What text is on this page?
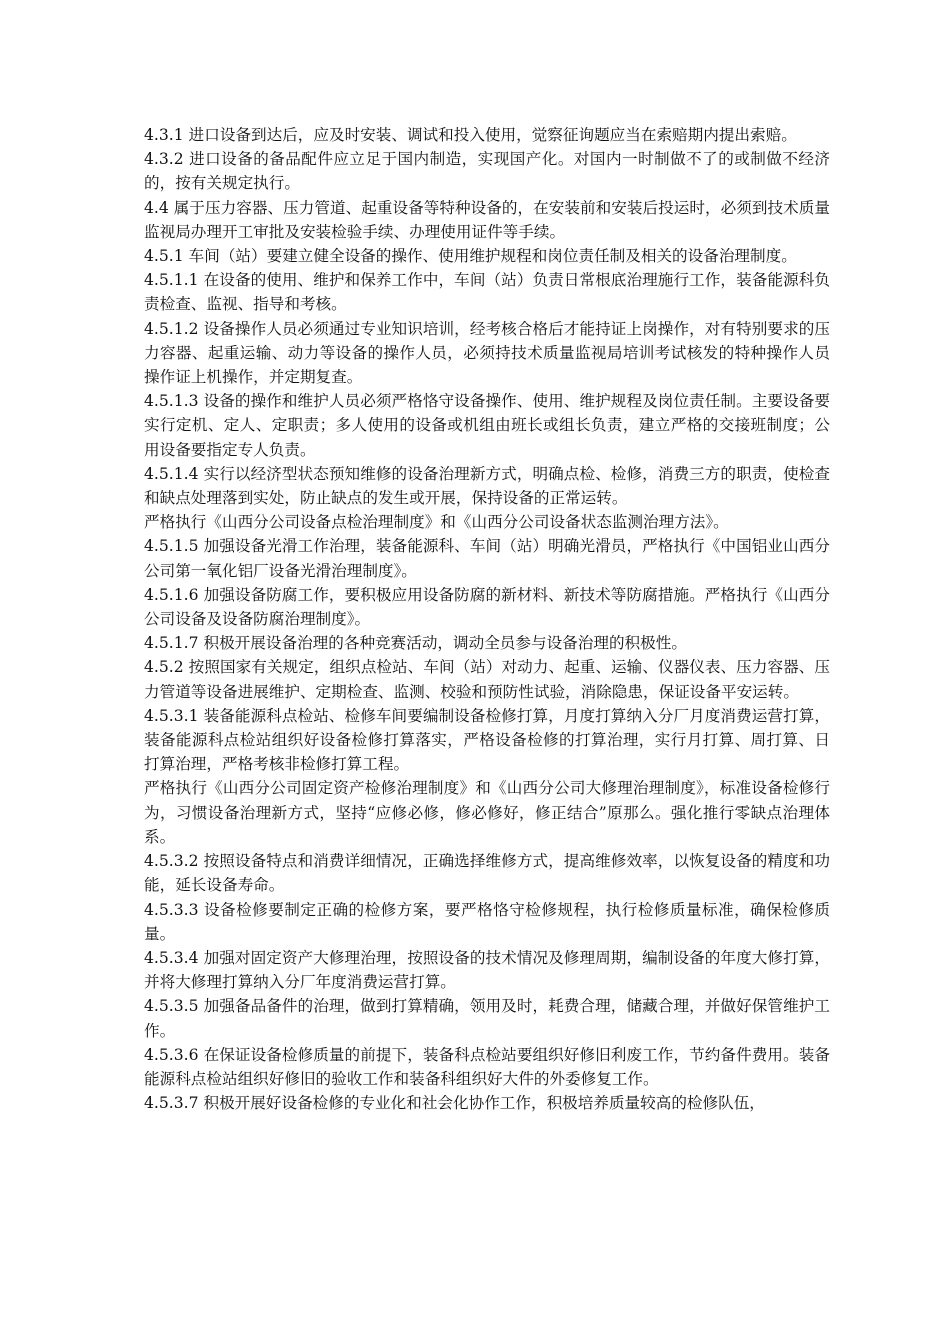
4.3.1 进口设备到达后，应及时安装、调试和投入使用，觉察征询题应当在索赔期内提出索赔。

4.3.2 进口设备的备品配件应立足于国内制造，实现国产化。对国内一时制做不了的或制做不经济的，按有关规定执行。

4.4 属于压力容器、压力管道、起重设备等特种设备的，在安装前和安装后投运时，必须到技术质量监视局办理开工审批及安装检验手续、办理使用证件等手续。

4.5.1 车间（站）要建立健全设备的操作、使用维护规程和岗位责任制及相关的设备治理制度。

4.5.1.1 在设备的使用、维护和保养工作中，车间（站）负责日常根底治理施行工作，装备能源科负责检查、监视、指导和考核。

4.5.1.2 设备操作人员必须通过专业知识培训，经考核合格后才能持证上岗操作，对有特别要求的压力容器、起重运输、动力等设备的操作人员，必须持技术质量监视局培训考试核发的特种操作人员操作证上机操作，并定期复查。

4.5.1.3 设备的操作和维护人员必须严格恪守设备操作、使用、维护规程及岗位责任制。主要设备要实行定机、定人、定职责；多人使用的设备或机组由班长或组长负责，建立严格的交接班制度；公用设备要指定专人负责。

4.5.1.4 实行以经济型状态预知维修的设备治理新方式，明确点检、检修，消费三方的职责，使检查和缺点处理落到实处，防止缺点的发生或开展，保持设备的正常运转。

严格执行《山西分公司设备点检治理制度》和《山西分公司设备状态监测治理方法》。

4.5.1.5 加强设备光滑工作治理，装备能源科、车间（站）明确光滑员，严格执行《中国铝业山西分公司第一氧化铝厂设备光滑治理制度》。

4.5.1.6 加强设备防腐工作，要积极应用设备防腐的新材料、新技术等防腐措施。严格执行《山西分公司设备及设备防腐治理制度》。

4.5.1.7 积极开展设备治理的各种竞赛活动，调动全员参与设备治理的积极性。

4.5.2 按照国家有关规定，组织点检站、车间（站）对动力、起重、运输、仪器仪表、压力容器、压力管道等设备进展维护、定期检查、监测、校验和预防性试验，消除隐患，保证设备平安运转。

4.5.3.1 装备能源科点检站、检修车间要编制设备检修打算，月度打算纳入分厂月度消费运营打算，装备能源科点检站组织好设备检修打算落实，严格设备检修的打算治理，实行月打算、周打算、日打算治理，严格考核非检修打算工程。

严格执行《山西分公司固定资产检修治理制度》和《山西分公司大修理治理制度》，标准设备检修行为，习惯设备治理新方式，坚持“应修必修，修必修好，修正结合”原那么。强化推行零缺点治理体系。

4.5.3.2 按照设备特点和消费详细情况，正确选择维修方式，提高维修效率，以恢复设备的精度和功能，延长设备寿命。

4.5.3.3 设备检修要制定正确的检修方案，要严格恪守检修规程，执行检修质量标准，确保检修质量。

4.5.3.4 加强对固定资产大修理治理，按照设备的技术情况及修理周期，编制设备的年度大修打算，并将大修理打算纳入分厂年度消费运营打算。

4.5.3.5 加强备品备件的治理，做到打算精确，领用及时，耗费合理，储藏合理，并做好保管维护工作。

4.5.3.6 在保证设备检修质量的前提下，装备科点检站要组织好修旧利废工作，节约备件费用。装备能源科点检站组织好修旧的验收工作和装备科组织好大件的外委修复工作。

4.5.3.7 积极开展好设备检修的专业化和社会化协作工作，积极培养质量较高的检修队伍，
